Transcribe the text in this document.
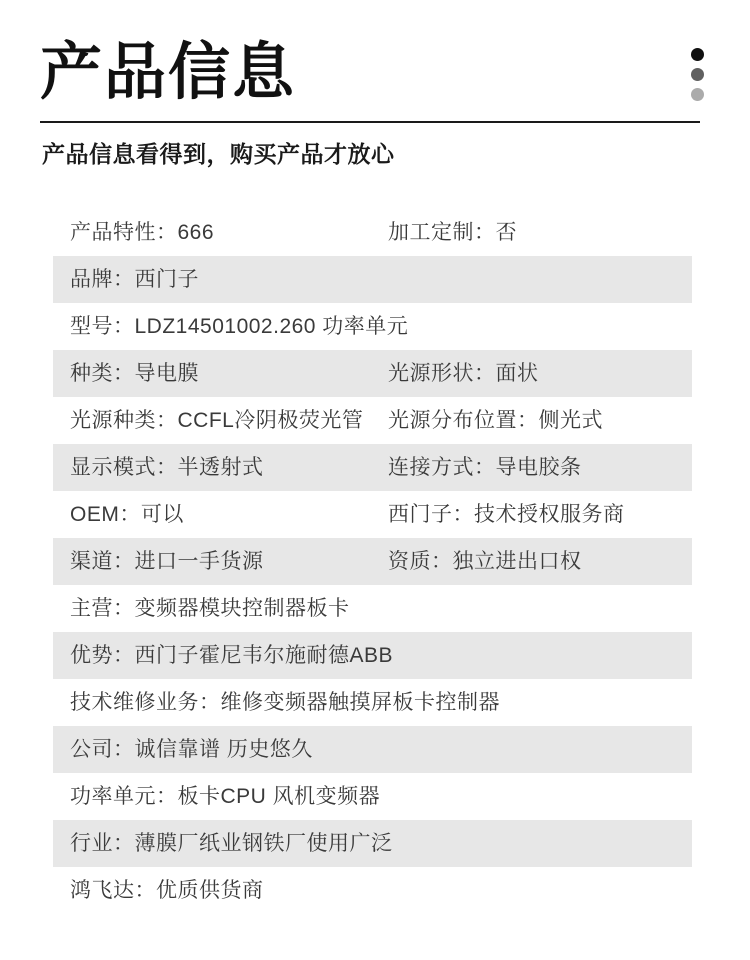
产品信息

产品信息看得到，购买产品才放心

产品特性：666	加工定制：否
品牌：西门子
型号：LDZ14501002.260 功率单元
种类：导电膜	光源形状：面状
光源种类：CCFL冷阴极荧光管 光源分布位置：侧光式
显示模式：半透射式	连接方式：导电胶条
OEM：可以	西门子：技术授权服务商
渠道：进口一手货源	资质：独立进出口权
主营：变频器模块控制器板卡
优势：西门子霍尼韦尔施耐德ABB
技术维修业务：维修变频器触摸屏板卡控制器
公司：诚信靠谱 历史悠久
功率单元：板卡CPU 风机变频器
行业：薄膜厂纸业钢铁厂使用广泛
鸿飞达：优质供货商
